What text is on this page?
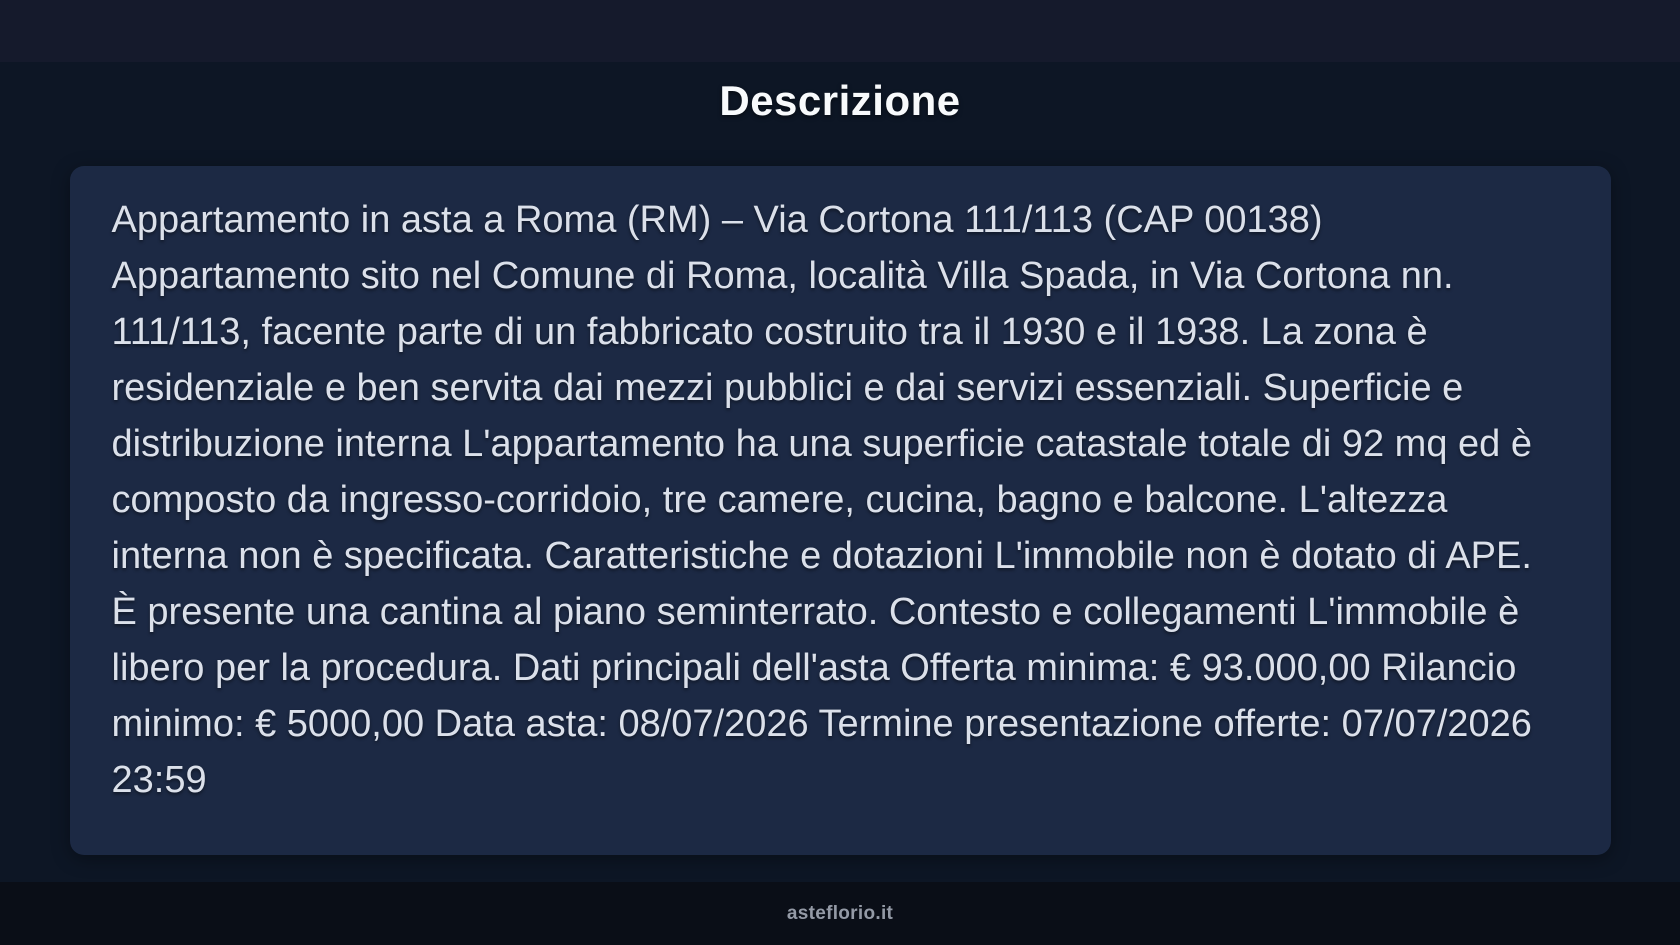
Descrizione
Appartamento in asta a Roma (RM) – Via Cortona 111/113 (CAP 00138)
Appartamento sito nel Comune di Roma, località Villa Spada, in Via Cortona nn.
111/113, facente parte di un fabbricato costruito tra il 1930 e il 1938. La zona è
residenziale e ben servita dai mezzi pubblici e dai servizi essenziali. Superficie e
distribuzione interna L'appartamento ha una superficie catastale totale di 92 mq ed è
composto da ingresso-corridoio, tre camere, cucina, bagno e balcone. L'altezza
interna non è specificata. Caratteristiche e dotazioni L'immobile non è dotato di APE.
È presente una cantina al piano seminterrato. Contesto e collegamenti L'immobile è
libero per la procedura. Dati principali dell'asta Offerta minima: € 93.000,00 Rilancio
minimo: € 5000,00 Data asta: 08/07/2026 Termine presentazione offerte: 07/07/2026
23:59
asteflorio.it
